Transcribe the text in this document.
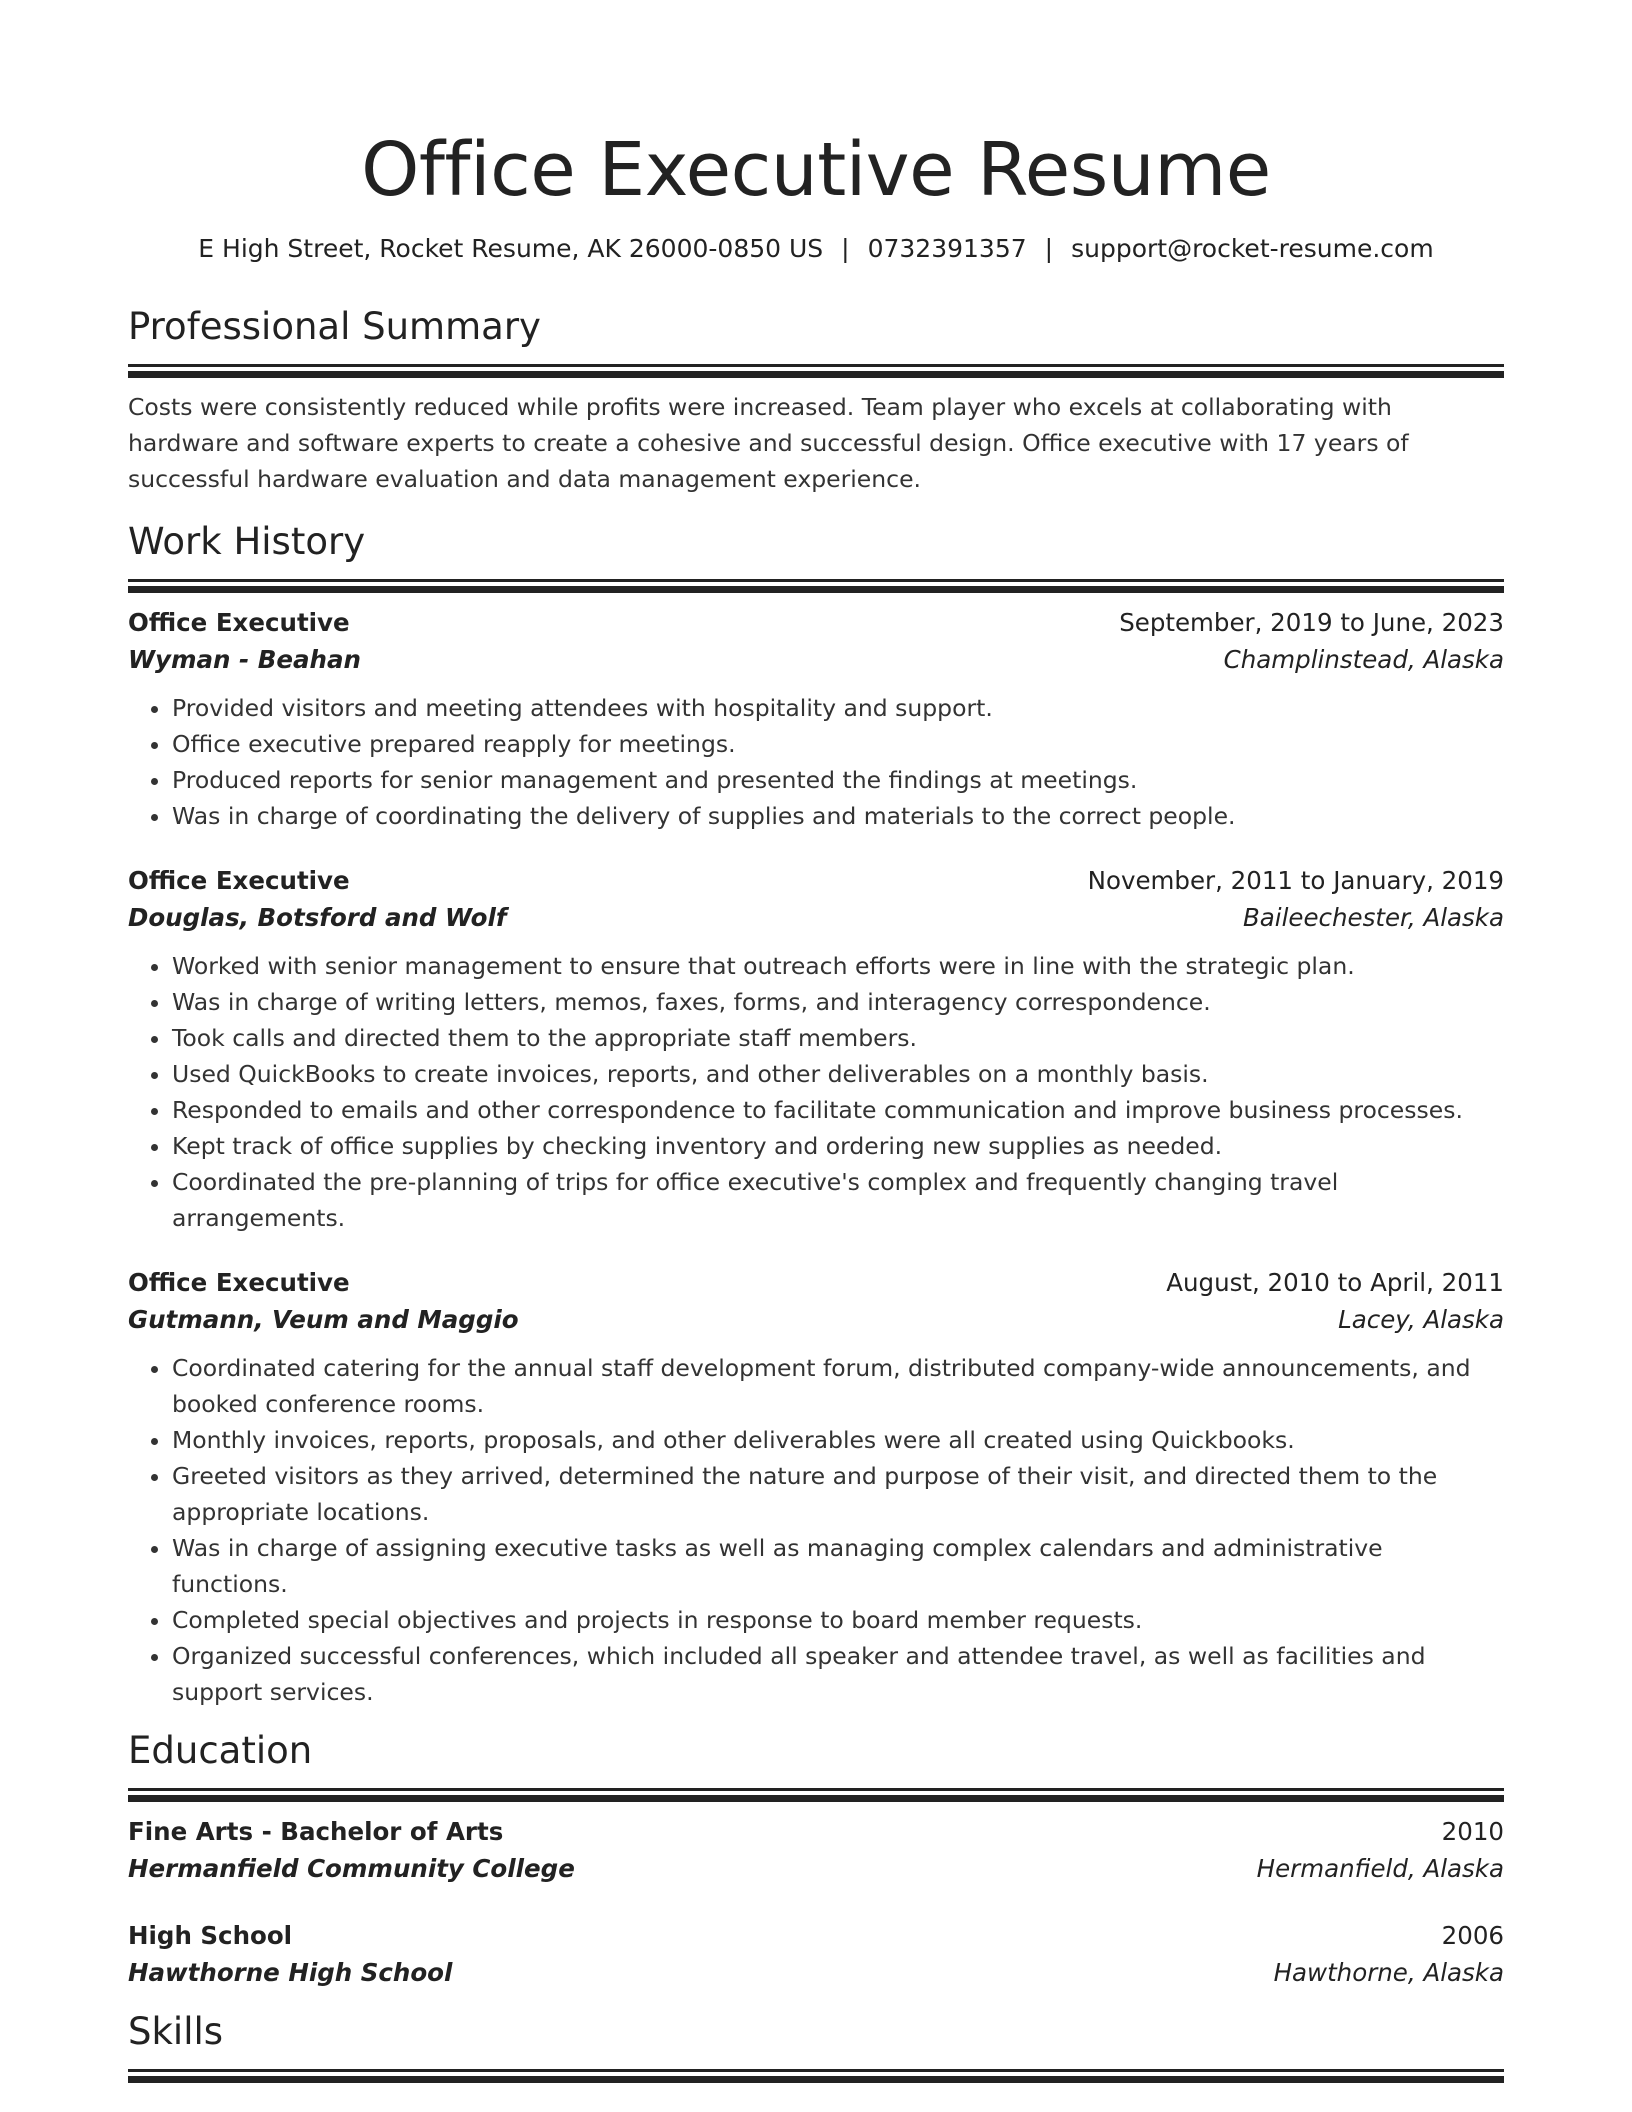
Office Executive Resume
E High Street, Rocket Resume, AK 26000-0850 US | 0732391357 | support@rocket-resume.com
Professional Summary

Costs were consistently reduced while profits were increased. Team player who excels at collaborating with hardware and software experts to create a cohesive and successful design. Office executive with 17 years of successful hardware evaluation and data management experience.

Work History
Office Executive	September, 2019 to June, 2023
Wyman - Beahan	Champlinstead, Alaska
• Provided visitors and meeting attendees with hospitality and support.
• Office executive prepared reapply for meetings.
• Produced reports for senior management and presented the findings at meetings.
• Was in charge of coordinating the delivery of supplies and materials to the correct people.
Office Executive	November, 2011 to January, 2019
Douglas, Botsford and Wolf	Baileechester, Alaska
• Worked with senior management to ensure that outreach efforts were in line with the strategic plan.
• Was in charge of writing letters, memos, faxes, forms, and interagency correspondence.
• Took calls and directed them to the appropriate staff members.
• Used QuickBooks to create invoices, reports, and other deliverables on a monthly basis.
• Responded to emails and other correspondence to facilitate communication and improve business processes.
• Kept track of office supplies by checking inventory and ordering new supplies as needed.
• Coordinated the pre-planning of trips for office executive's complex and frequently changing travel arrangements.
Office Executive	August, 2010 to April, 2011
Gutmann, Veum and Maggio	Lacey, Alaska
• Coordinated catering for the annual staff development forum, distributed company-wide announcements, and booked conference rooms.
• Monthly invoices, reports, proposals, and other deliverables were all created using Quickbooks.
• Greeted visitors as they arrived, determined the nature and purpose of their visit, and directed them to the appropriate locations.
• Was in charge of assigning executive tasks as well as managing complex calendars and administrative functions.
• Completed special objectives and projects in response to board member requests.
• Organized successful conferences, which included all speaker and attendee travel, as well as facilities and support services.
Education
Fine Arts - Bachelor of Arts	2010
Hermanfield Community College	Hermanfield, Alaska
High School	2006
Hawthorne High School	Hawthorne, Alaska
Skills
